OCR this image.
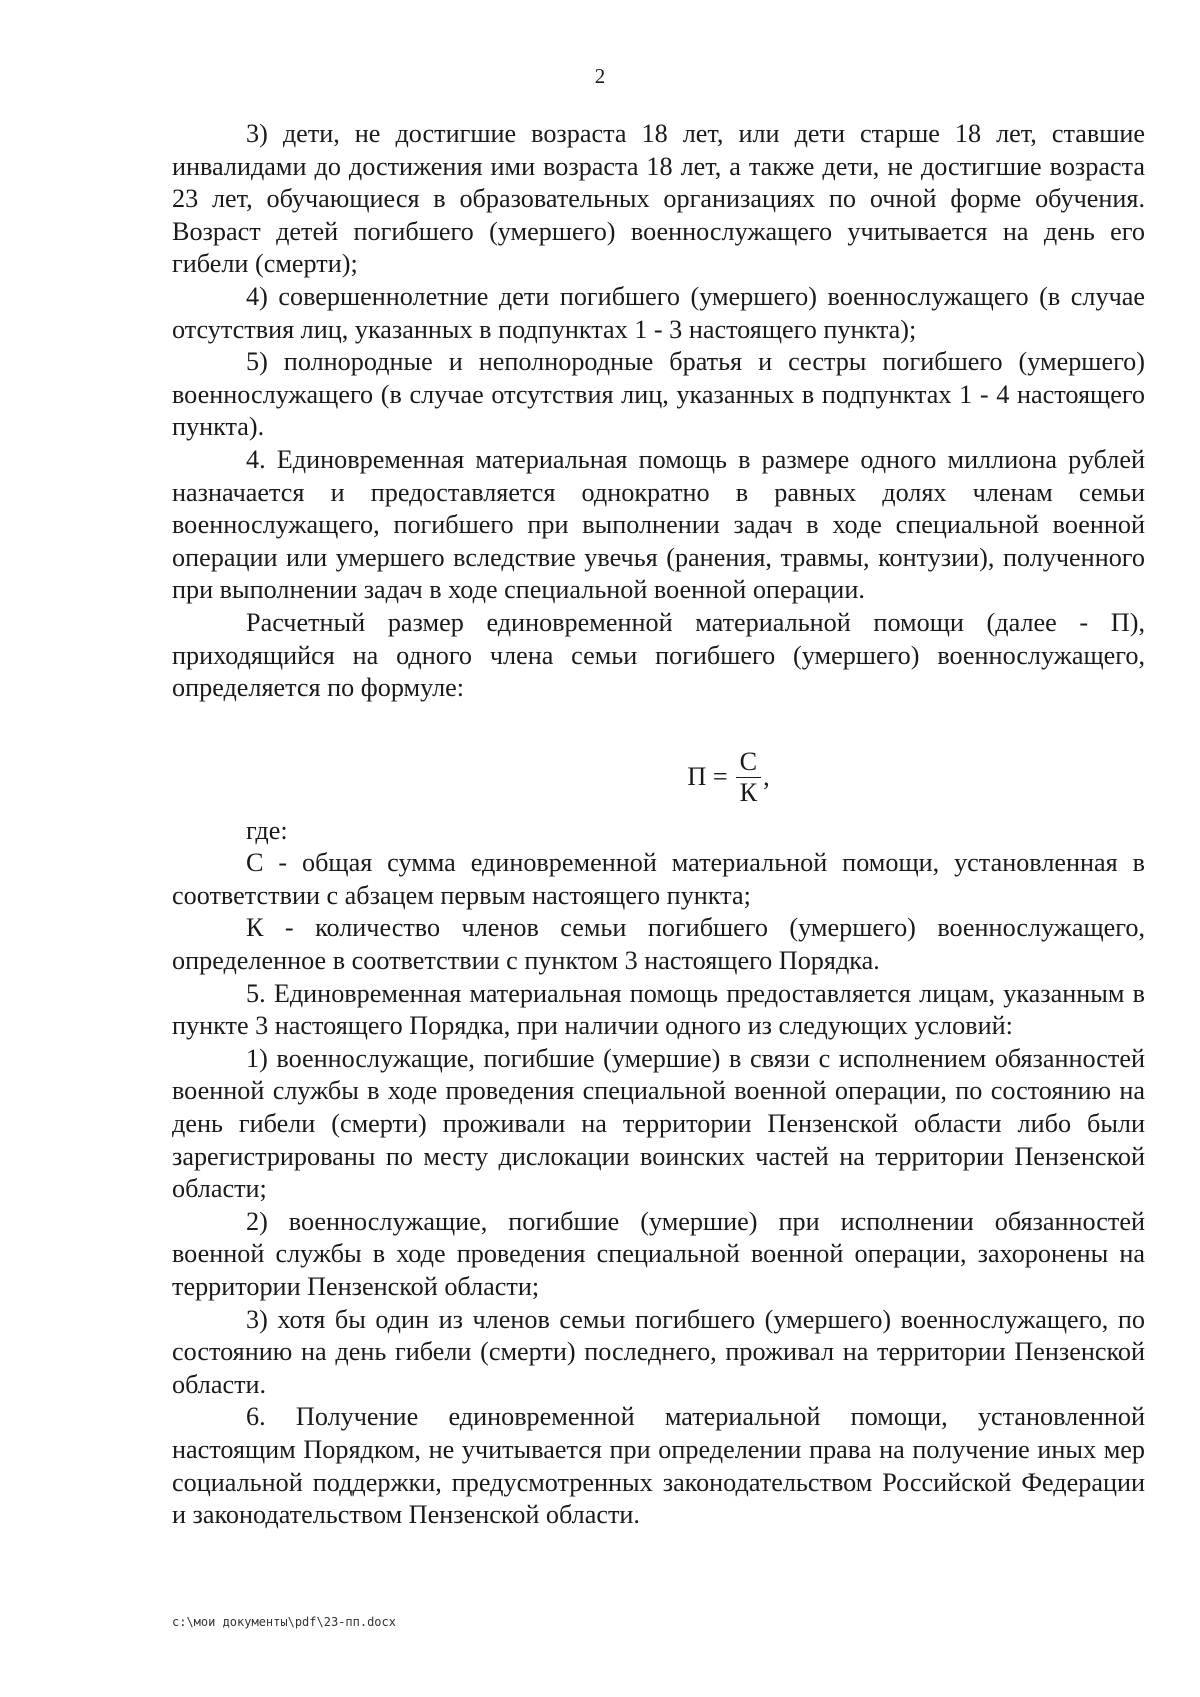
2

3) дети, не достигшие возраста 18 лет, или дети старше 18 лет, ставшие инвалидами до достижения ими возраста 18 лет, а также дети, не достигшие возраста 23 лет, обучающиеся в образовательных организациях по очной форме обучения. Возраст детей погибшего (умершего) военнослужащего учитывается на день его гибели (смерти);

4) совершеннолетние дети погибшего (умершего) военнослужащего (в случае отсутствия лиц, указанных в подпунктах 1 - 3 настоящего пункта);

5) полнородные и неполнородные братья и сестры погибшего (умершего) военнослужащего (в случае отсутствия лиц, указанных в подпунктах 1 - 4 настоящего пункта).

4. Единовременная материальная помощь в размере одного миллиона рублей назначается и предоставляется однократно в равных долях членам семьи военнослужащего, погибшего при выполнении задач в ходе специальной военной операции или умершего вследствие увечья (ранения, травмы, контузии), полученного при выполнении задач в ходе специальной военной операции.

Расчетный размер единовременной материальной помощи (далее - П), приходящийся на одного члена семьи погибшего (умершего) военнослужащего, определяется по формуле:

$П = \frac{С}{К}$ ,

где:

С - общая сумма единовременной материальной помощи, установленная в соответствии с абзацем первым настоящего пункта;

К - количество членов семьи погибшего (умершего) военнослужащего, определенное в соответствии с пунктом 3 настоящего Порядка.

5. Единовременная материальная помощь предоставляется лицам, указанным в пункте 3 настоящего Порядка, при наличии одного из следующих условий:

1) военнослужащие, погибшие (умершие) в связи с исполнением обязанностей военной службы в ходе проведения специальной военной операции, по состоянию на день гибели (смерти) проживали на территории Пензенской области либо были зарегистрированы по месту дислокации воинских частей на территории Пензенской области;

2) военнослужащие, погибшие (умершие) при исполнении обязанностей военной службы в ходе проведения специальной военной операции, захоронены на территории Пензенской области;

3) хотя бы один из членов семьи погибшего (умершего) военнослужащего, по состоянию на день гибели (смерти) последнего, проживал на территории Пензенской области.

6. Получение единовременной материальной помощи, установленной настоящим Порядком, не учитывается при определении права на получение иных мер социальной поддержки, предусмотренных законодательством Российской Федерации и законодательством Пензенской области.

c:\мои документы\pdf\23-пп.docx
